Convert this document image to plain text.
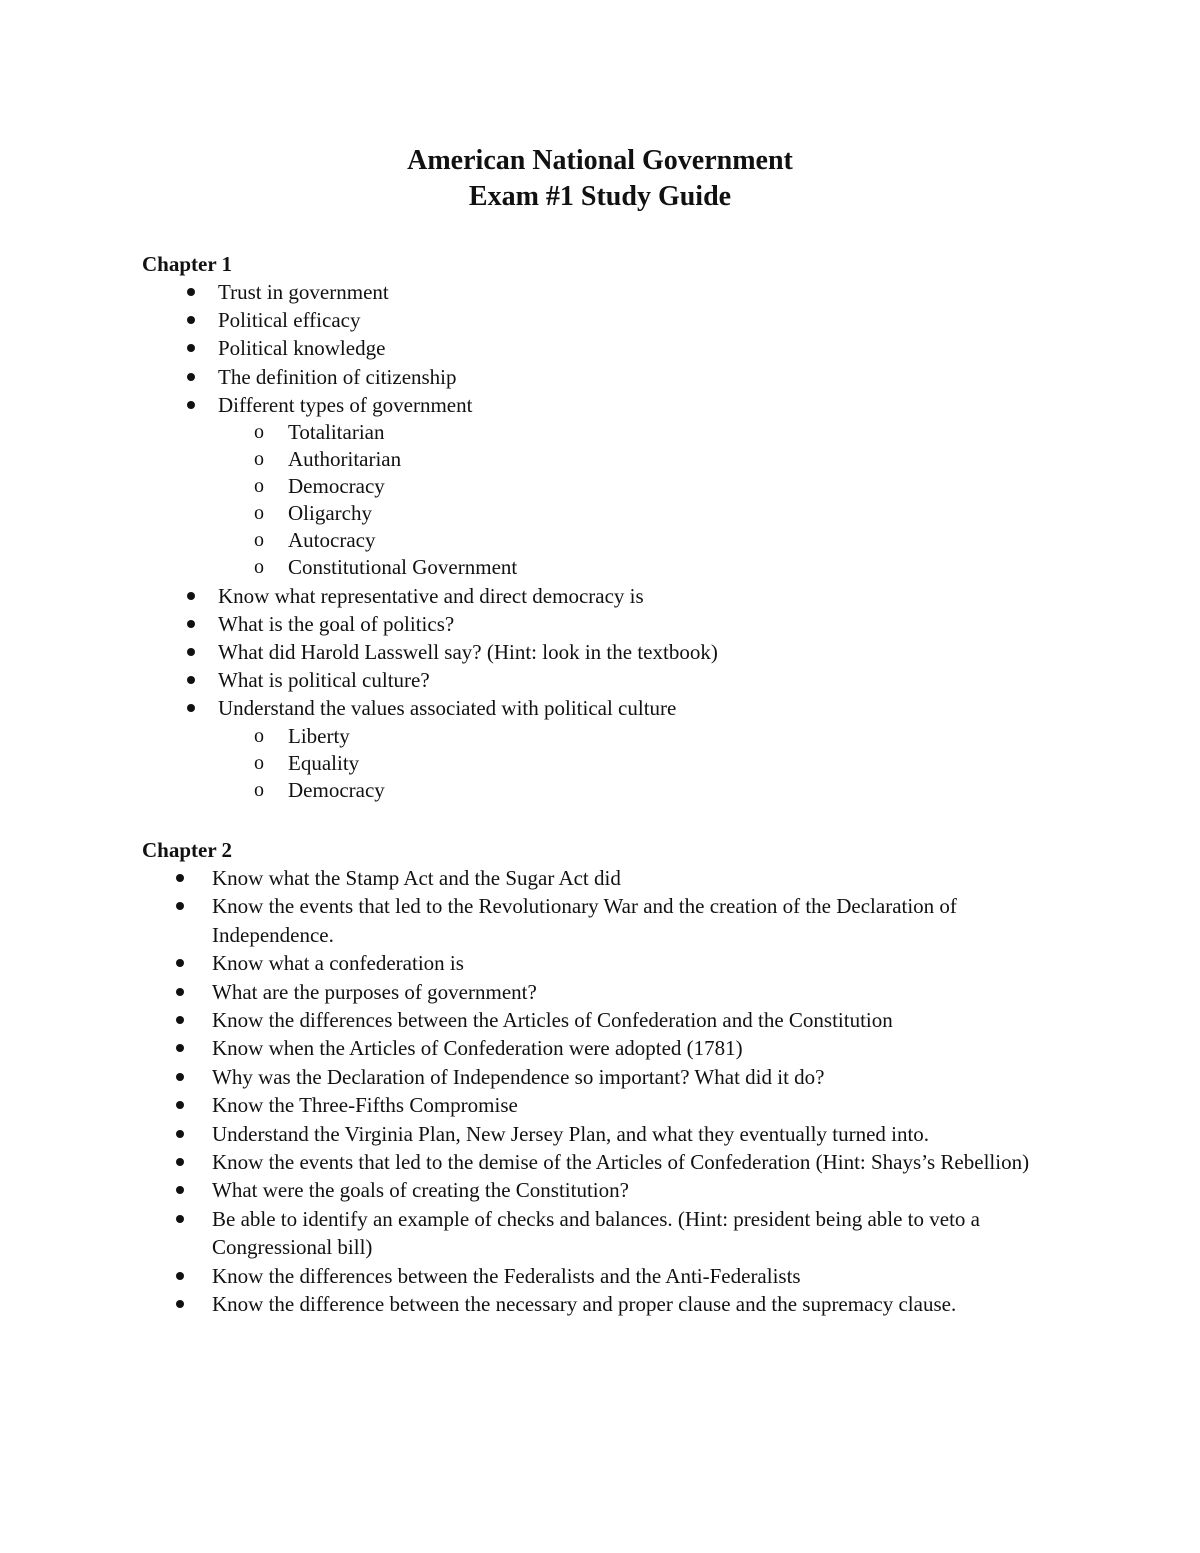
American National Government
Exam #1 Study Guide
Chapter 1
Trust in government
Political efficacy
Political knowledge
The definition of citizenship
Different types of government
o Totalitarian
o Authoritarian
o Democracy
o Oligarchy
o Autocracy
o Constitutional Government
Know what representative and direct democracy is
What is the goal of politics?
What did Harold Lasswell say? (Hint: look in the textbook)
What is political culture?
Understand the values associated with political culture
o Liberty
o Equality
o Democracy
Chapter 2
Know what the Stamp Act and the Sugar Act did
Know the events that led to the Revolutionary War and the creation of the Declaration of Independence.
Know what a confederation is
What are the purposes of government?
Know the differences between the Articles of Confederation and the Constitution
Know when the Articles of Confederation were adopted (1781)
Why was the Declaration of Independence so important? What did it do?
Know the Three-Fifths Compromise
Understand the Virginia Plan, New Jersey Plan, and what they eventually turned into.
Know the events that led to the demise of the Articles of Confederation (Hint: Shays’s Rebellion)
What were the goals of creating the Constitution?
Be able to identify an example of checks and balances. (Hint: president being able to veto a Congressional bill)
Know the differences between the Federalists and the Anti-Federalists
Know the difference between the necessary and proper clause and the supremacy clause.
